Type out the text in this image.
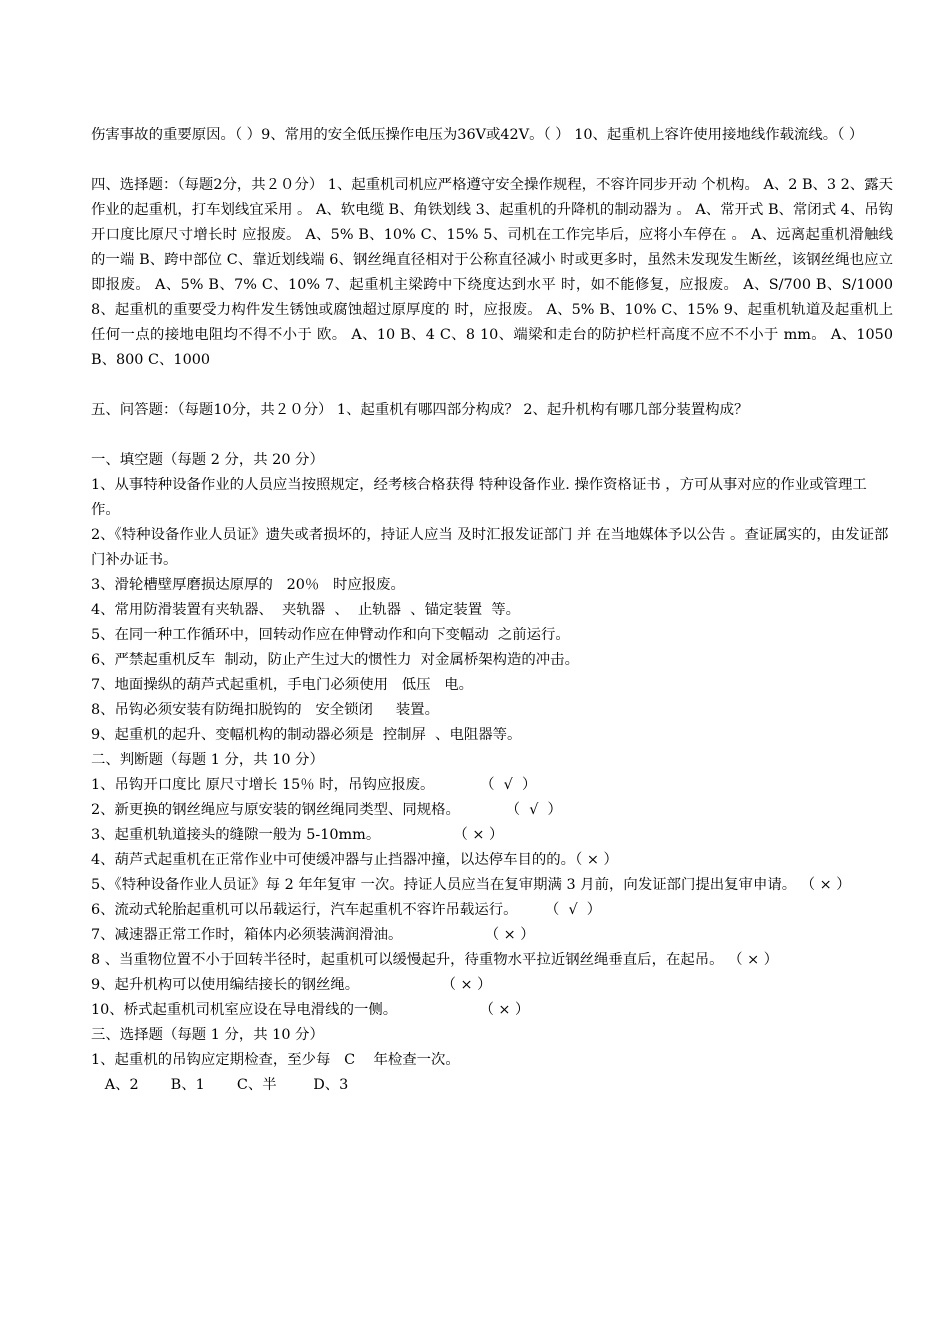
伤害事故的重要原因。（ ）9、常用的安全低压操作电压为36V或42V。（ ） 10、起重机上容许使用接地线作载流线。（ ）

四、选择题：（每题2分，共２０分） 1、起重机司机应严格遵守安全操作规程，不容许同步开动 个机构。 A、2 B、3 2、露天作业的起重机，打车划线宜采用 。 A、软电缆 B、角铁划线 3、起重机的升降机的制动器为 。 A、常开式 B、常闭式 4、吊钩开口度比原尺寸增长时 应报废。 A、5% B、10% C、15% 5、司机在工作完毕后，应将小车停在 。 A、远离起重机滑触线的一端 B、跨中部位 C、靠近划线端 6、钢丝绳直径相对于公称直径减小 时或更多时，虽然未发现发生断丝，该钢丝绳也应立即报废。 A、5% B、7% C、10% 7、起重机主梁跨中下绕度达到水平 时，如不能修复，应报废。 A、S/700 B、S/1000 8、起重机的重要受力构件发生锈蚀或腐蚀超过原厚度的 时，应报废。 A、5% B、10% C、15% 9、起重机轨道及起重机上任何一点的接地电阻均不得不小于 欧。 A、10 B、4 C、8 10、端梁和走台的防护栏杆高度不应不不小于 mm。 A、1050 B、800 C、1000

五、问答题：（每题10分，共２０分） 1、起重机有哪四部分构成？ 2、起升机构有哪几部分装置构成？

一、填空题（每题 2 分，共 20 分）

1、从事特种设备作业的人员应当按照规定，经考核合格获得 特种设备作业. 操作资格证书 ，方可从事对应的作业或管理工作。

2、《特种设备作业人员证》遗失或者损坏的，持证人应当 及时汇报发证部门 并 在当地媒体予以公告 。查证属实的，由发证部门补办证书。

3、滑轮槽壁厚磨损达原厚的   20％   时应报废。

4、常用防滑装置有夹轨器、  夹轨器  、  止轨器  、锚定装置  等。

5、在同一种工作循环中，回转动作应在伸臂动作和向下变幅动  之前运行。

6、严禁起重机反车  制动，防止产生过大的惯性力  对金属桥架构造的冲击。

7、地面操纵的葫芦式起重机，手电门必须使用   低压   电。

8、吊钩必须安装有防绳扣脱钩的   安全锁闭     装置。

9、起重机的起升、变幅机构的制动器必须是  控制屏  、电阻器等。

二、判断题（每题 1 分，共 10 分）

1、吊钩开口度比 原尺寸增长 15％ 时，吊钩应报废。          （  √  ）

2、新更换的钢丝绳应与原安装的钢丝绳同类型、同规格。          （  √  ）

3、起重机轨道接头的缝隙一般为 5-10mm。                （ × ）

4、葫芦式起重机在正常作业中可使缓冲器与止挡器冲撞，以达停车目的的。（ × ）

5、《特种设备作业人员证》每 2 年年复审 一次。持证人员应当在复审期满 3 月前，向发证部门提出复审申请。 （ × ）

6、流动式轮胎起重机可以吊载运行，汽车起重机不容许吊载运行。      （  √  ）

7、减速器正常工作时，箱体内必须装满润滑油。                  （ × ）

8 、当重物位置不小于回转半径时，起重机可以缓慢起升，待重物水平拉近钢丝绳垂直后，在起吊。 （ × ）

9、起升机构可以使用编结接长的钢丝绳。                  （ × ）

10、桥式起重机司机室应设在导电滑线的一侧。                  （ × ）

三、选择题（每题 1 分，共 10 分）

1、起重机的吊钩应定期检查，至少每   C    年检查一次。

A、2       B、1       C、半        D、3
